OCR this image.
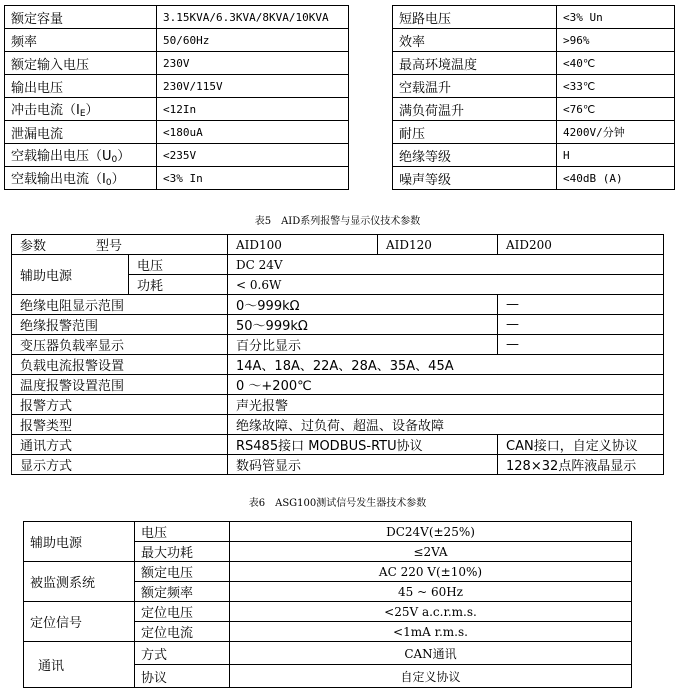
额定容量	3.15KVA/6.3KVA/8KVA/10KVA		短路电压	<3% Un
频率	50/60Hz		效率	>96%
额定输入电压	230V		最高环境温度	<40℃
输出电压	230V/115V		空载温升	<33℃
冲击电流$(I_E)$	<12In		满负荷温升	<76℃
泄漏电流	<180uA		耐压	4200V/分钟
空载输出电压$(U_0)$	<235V		绝缘等级	H
空载输出电流$(I_0)$	<3% In		噪声等级	<40dB (A)
表5　AID系列报警与显示仪技术参数
参数 型号		AID100	AID120	AID200
辅助电源	电压	DC 24V		
	功耗	< 0.6W		
绝缘电阻显示范围		0～999kΩ		—
绝缘报警范围		50～999kΩ		—
变压器负载率显示		百分比显示		—
负载电流报警设置		14A、18A、22A、28A、35A、45A		
温度报警设置范围		0 ～+200℃		
报警方式		声光报警		
报警类型		绝缘故障、过负荷、超温、设备故障		
通讯方式		RS485接口 MODBUS-RTU协议		CAN接口，自定义协议
显示方式		数码管显示		128×32点阵液晶显示
表6　ASG100测试信号发生器技术参数
辅助电源	电压	DC24V(±25%)
	最大功耗	≤2VA
被监测系统	额定电压	AC 220 V(±10%)
	额定频率	45 ~ 60Hz
定位信号	定位电压	<25V a.c.r.m.s.
	定位电流	<1mA r.m.s.
通讯	方式	CAN通讯
	协议	自定义协议
